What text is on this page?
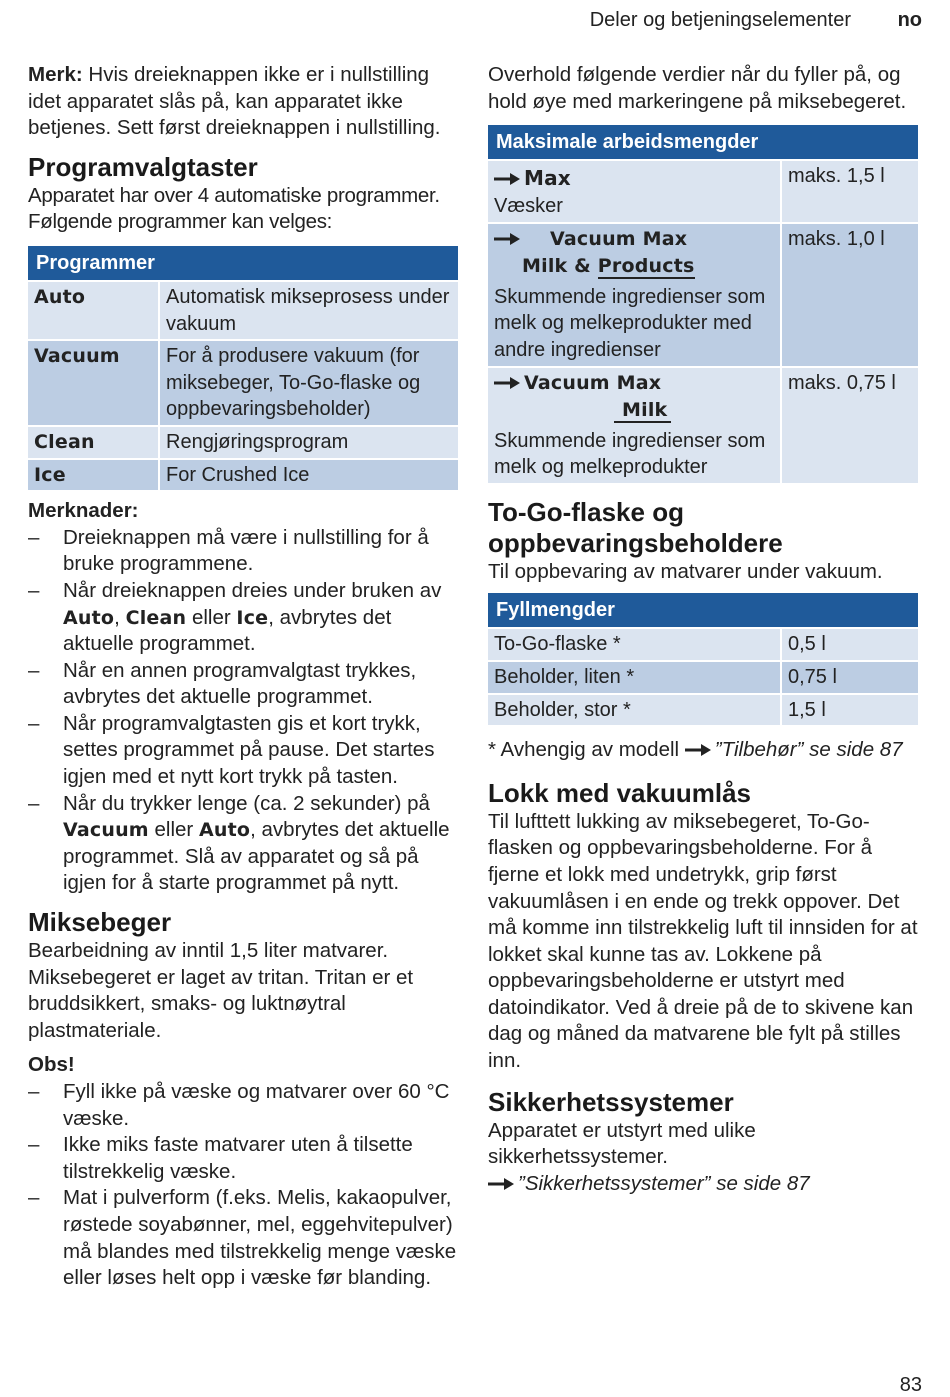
Deler og betjeningselementer no

Merk: Hvis dreieknappen ikke er i nullstilling idet apparatet slås på, kan apparatet ikke betjenes. Sett først dreieknappen i nullstilling.

Programvalgtaster

Apparatet har over 4 automatiske programmer. Følgende programmer kan velges:

Programmer	
Auto	Automatisk mikseprosess under vakuum
Vacuum	For å produsere vakuum (for miksebeger, To-Go-flaske og oppbevaringsbeholder)
Clean	Rengjøringsprogram
Ice	For Crushed Ice
Merknader:
– Dreieknappen må være i nullstilling for å bruke programmene.
– Når dreieknappen dreies under bruken av Auto, Clean eller Ice, avbrytes det aktuelle programmet.
– Når en annen programvalgtast trykkes, avbrytes det aktuelle programmet.
– Når programvalgtasten gis et kort trykk, settes programmet på pause. Det startes igjen med et nytt kort trykk på tasten.
– Når du trykker lenge (ca. 2 sekunder) på Vacuum eller Auto, avbrytes det aktuelle programmet. Slå av apparatet og så på igjen for å starte programmet på nytt.
Miksebeger

Bearbeidning av inntil 1,5 liter matvarer. Miksebegeret er laget av tritan. Tritan er et bruddsikkert, smaks- og luktnøytral plastmateriale.

Obs!
– Fyll ikke på væske og matvarer over 60 °C væske.
– Ikke miks faste matvarer uten å tilsette tilstrekkelig væske.
– Mat i pulverform (f.eks. Melis, kakaopulver, røstede soyabønner, mel, eggehvitepulver) må blandes med tilstrekkelig menge væske eller løses helt opp i væske før blanding.

Overhold følgende verdier når du fyller på, og hold øye med markeringene på miksebegeret.

Maksimale arbeidsmengder	

Max
Væsker	maks. 1,5 l

Vacuum Max
Milk & Products
Skummende ingredienser som melk og melkeprodukter med andre ingredienser	maks. 1,0 l

Vacuum Max
Milk
Skummende ingredienser som melk og melkeprodukter	maks. 0,75 l
To-Go-flaske og oppbevaringsbeholdere

Til oppbevaring av matvarer under vakuum.

Fyllmengder	
To-Go-flaske *	0,5 l
Beholder, liten *	0,75 l
Beholder, stor *	1,5 l

* Avhengig av modell ”Tilbehør” se side 87

Lokk med vakuumlås

Til lufttett lukking av miksebegeret, To-Go-flasken og oppbevaringsbeholderne. For å fjerne et lokk med undetrykk, grip først vakuumlåsen i en ende og trekk oppover. Det må komme inn tilstrekkelig luft til innsiden for at lokket skal kunne tas av. Lokkene på oppbevaringsbeholderne er utstyrt med datoindikator. Ved å dreie på de to skivene kan dag og måned da matvarene ble fylt på stilles inn.

Sikkerhetssystemer

Apparatet er utstyrt med ulike sikkerhetssystemer.

”Sikkerhetssystemer” se side 87

83
